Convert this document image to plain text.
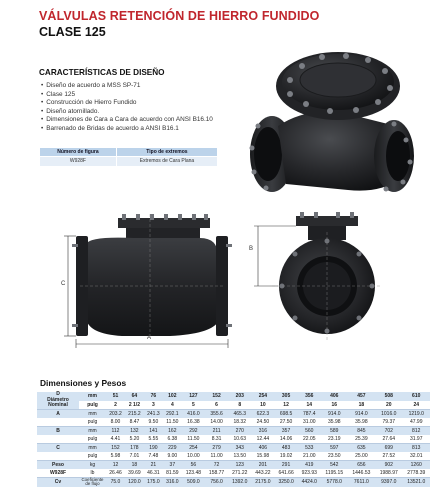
VÁLVULAS RETENCIÓN DE HIERRO FUNDIDO
CLASE 125
CARACTERÍSTICAS DE DISEÑO
• Diseño de acuerdo a MSS SP-71
• Clase 125
• Construcción de Hierro Fundido
• Diseño atornillado.
• Dimensiones de Cara a Cara de acuerdo con ANSI B16.10
• Barrenado de Bridas de acuerdo a ANSI B16.1
Número de figura	Tipo de extremos
W928F	Extremos de Cara Plana
A
C
B
Dimensiones y Pesos
D
Diámetro
Nominal	mm	51	64	76	102	127	152	203	254	305	356	406	457	508	610
	pulg	2	2 1/2	3	4	5	6	8	10	12	14	16	18	20	24
A	mm	203.2	215.2	241.3	292.1	416.0	355.6	465.3	622.3	698.5	787.4	914.0	914.0	1016.0	1219.0
	pulg	8.00	8.47	9.50	11.50	16.38	14.00	18.32	24.50	27.50	31.00	35.98	35.98	79.37	47.99
B	mm	112	132	141	162	292	211	270	316	357	560	589	845	702	812
	pulg	4.41	5.20	5.55	6.38	11.50	8.31	10.63	12.44	14.06	22.05	23.19	25.39	27.64	31.97
C	mm	152	178	190	229	254	279	343	406	483	533	597	635	699	813
	pulg	5.98	7.01	7.48	9.00	10.00	11.00	13.50	15.98	19.02	21.00	23.50	25.00	27.52	32.01
Peso	kg	12	18	21	37	56	72	123	201	291	419	542	656	902	1260
W928F	lb	26.46	39.69	46.31	81.59	123.48	158.77	271.22	443.22	641.66	923.93	1195.15	1446.53	1988.97	2778.39
Cv	Coeficiente de flujo	75.0	120.0	175.0	316.0	509.0	756.0	1392.0	2175.0	3250.0	4424.0	5778.0	7611.0	9397.0	13521.0
